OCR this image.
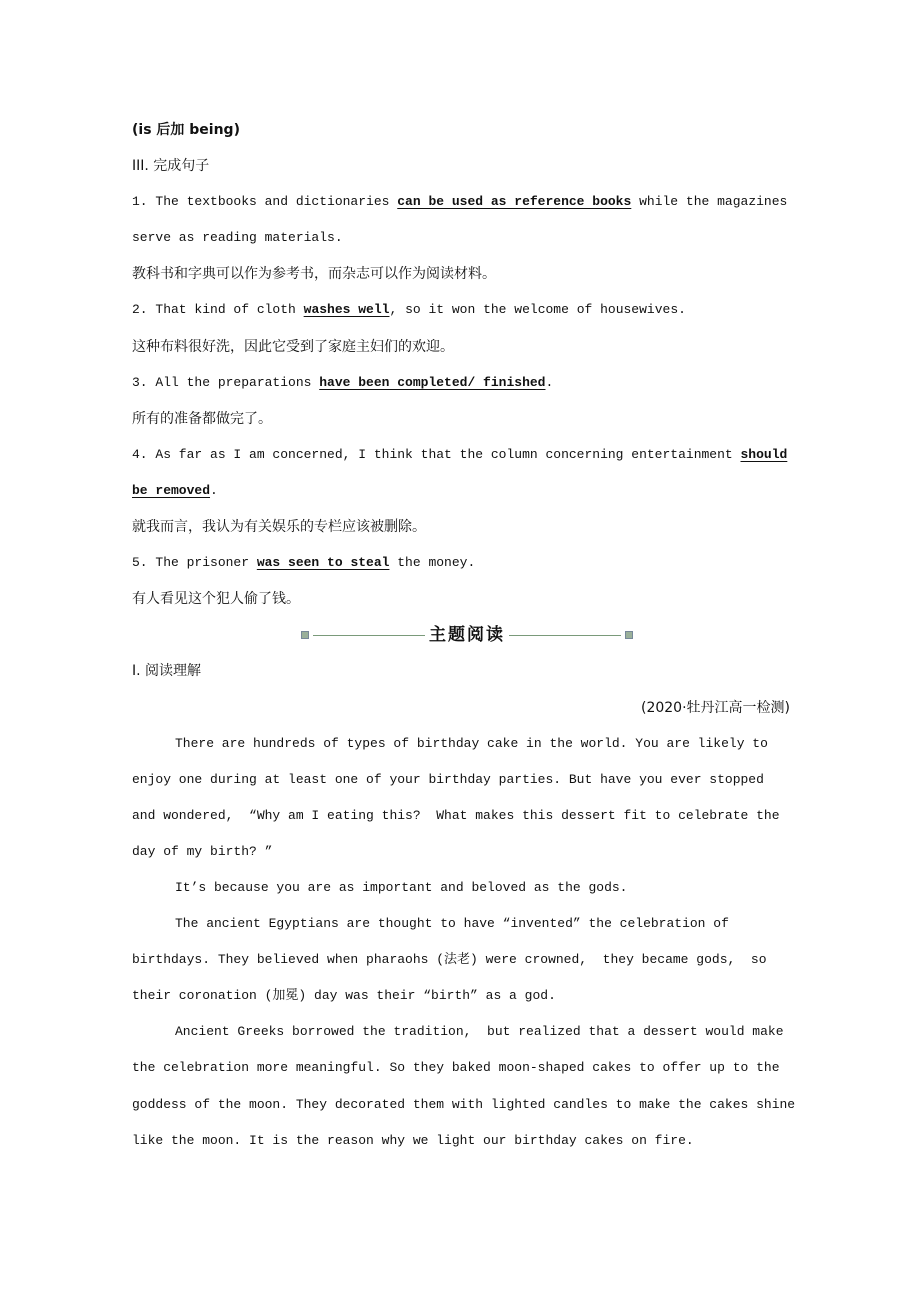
(is 后加 being)
III. 完成句子
1. The textbooks and dictionaries can be used as reference books while the magazines
serve as reading materials.
教科书和字典可以作为参考书，而杂志可以作为阅读材料。
2. That kind of cloth washes well, so it won the welcome of housewives.
这种布料很好洗，因此它受到了家庭主妇们的欢迎。
3. All the preparations have been completed/ finished.
所有的准备都做完了。
4. As far as I am concerned, I think that the column concerning entertainment should
be removed.
就我而言，我认为有关娱乐的专栏应该被删除。
5. The prisoner was seen to steal the money.
有人看见这个犯人偷了钱。
主题阅读
Ⅰ. 阅读理解
(2020·牡丹江高一检测)
There are hundreds of types of birthday cake in the world. You are likely to
enjoy one during at least one of your birthday parties. But have you ever stopped
and wondered,  “Why am I eating this?  What makes this dessert fit to celebrate the
day of my birth? ”
It’s because you are as important and beloved as the gods.
The ancient Egyptians are thought to have “invented” the celebration of
birthdays. They believed when pharaohs (法老) were crowned,  they became gods,  so
their coronation (加冕) day was their “birth” as a god.
Ancient Greeks borrowed the tradition,  but realized that a dessert would make
the celebration more meaningful. So they baked moon-shaped cakes to offer up to the
goddess of the moon. They decorated them with lighted candles to make the cakes shine
like the moon. It is the reason why we light our birthday cakes on fire.
